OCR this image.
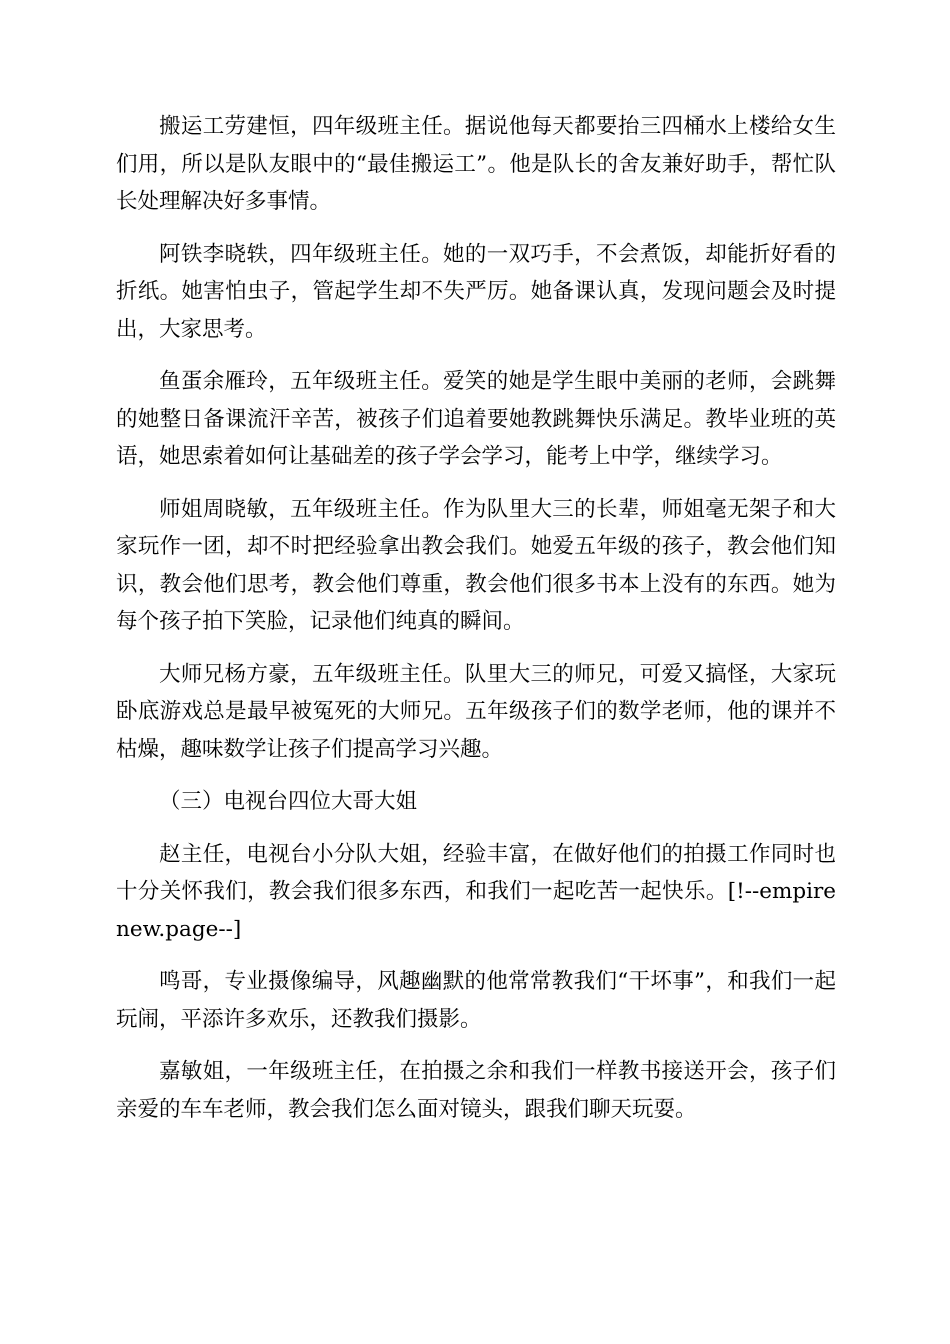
搬运工劳建恒，四年级班主任。据说他每天都要抬三四桶水上楼给女生们用，所以是队友眼中的“最佳搬运工”。他是队长的舍友兼好助手，帮忙队长处理解决好多事情。

阿铁李晓轶，四年级班主任。她的一双巧手，不会煮饭，却能折好看的折纸。她害怕虫子，管起学生却不失严厉。她备课认真，发现问题会及时提出，大家思考。

鱼蛋余雁玲，五年级班主任。爱笑的她是学生眼中美丽的老师，会跳舞的她整日备课流汗辛苦，被孩子们追着要她教跳舞快乐满足。教毕业班的英语，她思索着如何让基础差的孩子学会学习，能考上中学，继续学习。

师姐周晓敏，五年级班主任。作为队里大三的长辈，师姐毫无架子和大家玩作一团，却不时把经验拿出教会我们。她爱五年级的孩子，教会他们知识，教会他们思考，教会他们尊重，教会他们很多书本上没有的东西。她为每个孩子拍下笑脸，记录他们纯真的瞬间。

大师兄杨方豪，五年级班主任。队里大三的师兄，可爱又搞怪，大家玩卧底游戏总是最早被冤死的大师兄。五年级孩子们的数学老师，他的课并不枯燥，趣味数学让孩子们提高学习兴趣。

（三）电视台四位大哥大姐

赵主任，电视台小分队大姐，经验丰富，在做好他们的拍摄工作同时也十分关怀我们，教会我们很多东西，和我们一起吃苦一起快乐。[!--empirenew.page--]

鸣哥，专业摄像编导，风趣幽默的他常常教我们“干坏事”，和我们一起玩闹，平添许多欢乐，还教我们摄影。

嘉敏姐，一年级班主任，在拍摄之余和我们一样教书接送开会，孩子们亲爱的车车老师，教会我们怎么面对镜头，跟我们聊天玩耍。
